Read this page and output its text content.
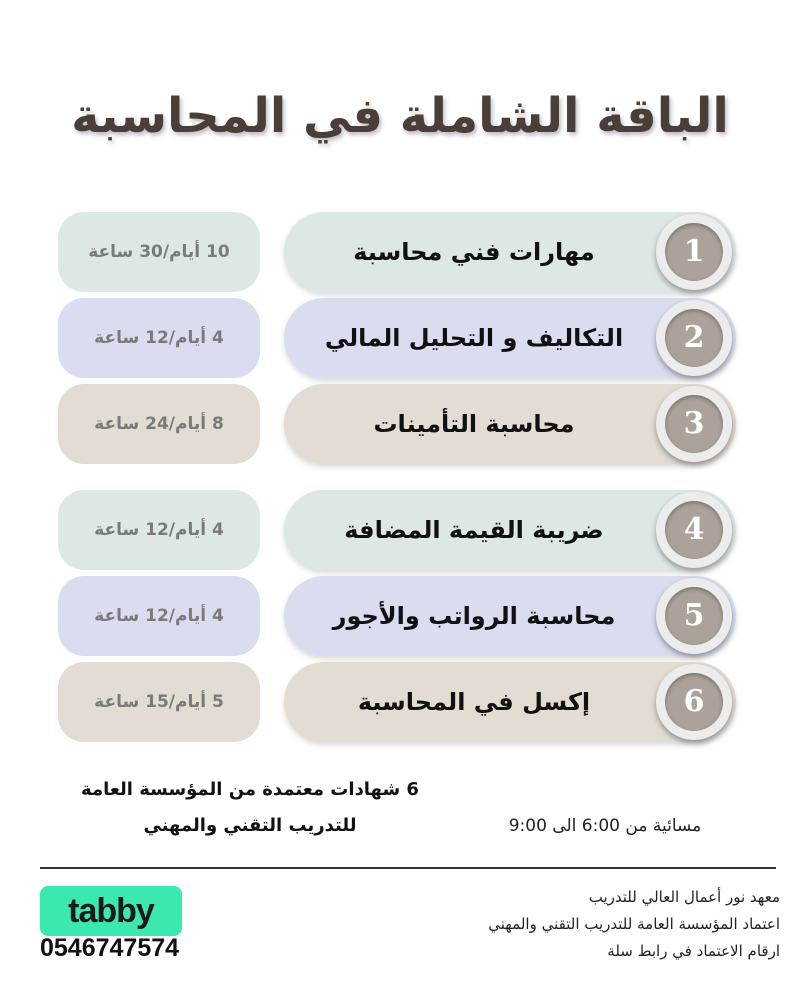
الباقة الشاملة في المحاسبة
مهارات فني محاسبة	1
10 أيام/30 ساعة
التكاليف و التحليل المالي	2
4 أيام/12 ساعة
محاسبة التأمينات	3
8 أيام/24 ساعة
ضريبة القيمة المضافة	4
4 أيام/12 ساعة
محاسبة الرواتب والأجور	5
4 أيام/12 ساعة
إكسل في المحاسبة	6
5 أيام/15 ساعة
6 شهادات معتمدة من المؤسسة العامة
للتدريب التقني والمهني	مسائية من 6:00 الى 9:00
tabby
0546747574
معهد نور أعمال العالي للتدريب
اعتماد المؤسسة العامة للتدريب التقني والمهني
ارقام الاعتماد في رابط سلة
